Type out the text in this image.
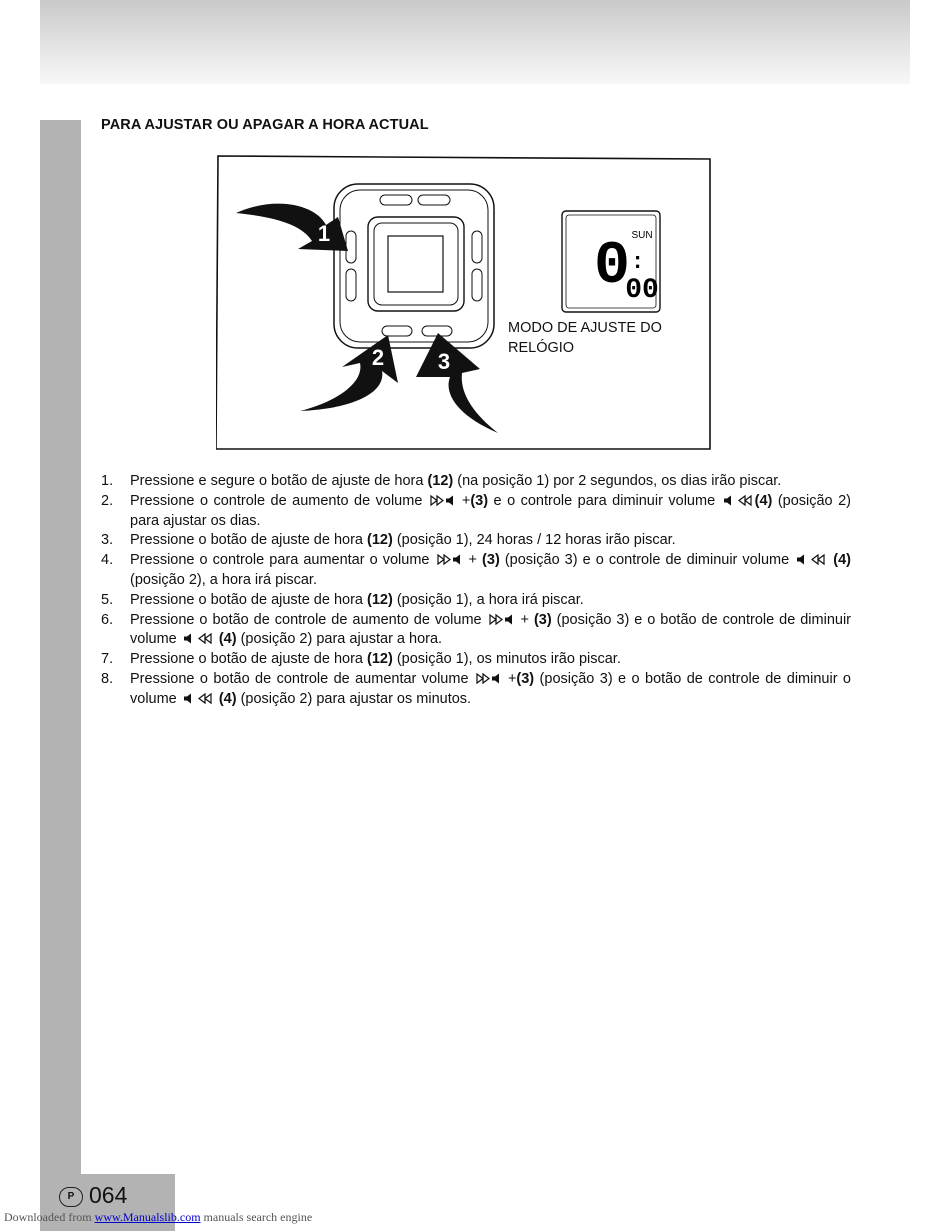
PARA AJUSTAR OU APAGAR A HORA ACTUAL
1
2 3
0 :
00
SUN
MODO DE AJUSTE DO RELÓGIO
1. Pressione e segure o botão de ajuste de hora (12) (na posição 1) por 2 segundos, os dias irão piscar.
2. Pressione o controle de aumento de volume +(3) e o controle para diminuir volume (4) (posição 2) para ajustar os dias.
3. Pressione o botão de ajuste de hora (12) (posição 1), 24 horas / 12 horas irão piscar.
4. Pressione o controle para aumentar o volume + (3) (posição 3) e o controle de diminuir volume	(4) (posição 2), a hora irá piscar.
5. Pressione o botão de ajuste de hora (12) (posição 1), a hora irá piscar.
6. Pressione o botão de controle de aumento de volume + (3) (posição 3) e o botão de controle de diminuir volume	(4) (posição 2) para ajustar a hora.
7. Pressione o botão de ajuste de hora (12) (posição 1), os minutos irão piscar.
8. Pressione o botão de controle de aumentar volume +(3) (posição 3) e o botão de controle de diminuir o volume	(4) (posição 2) para ajustar os minutos.
P 064
Downloaded from www.Manualslib.com manuals search engine
